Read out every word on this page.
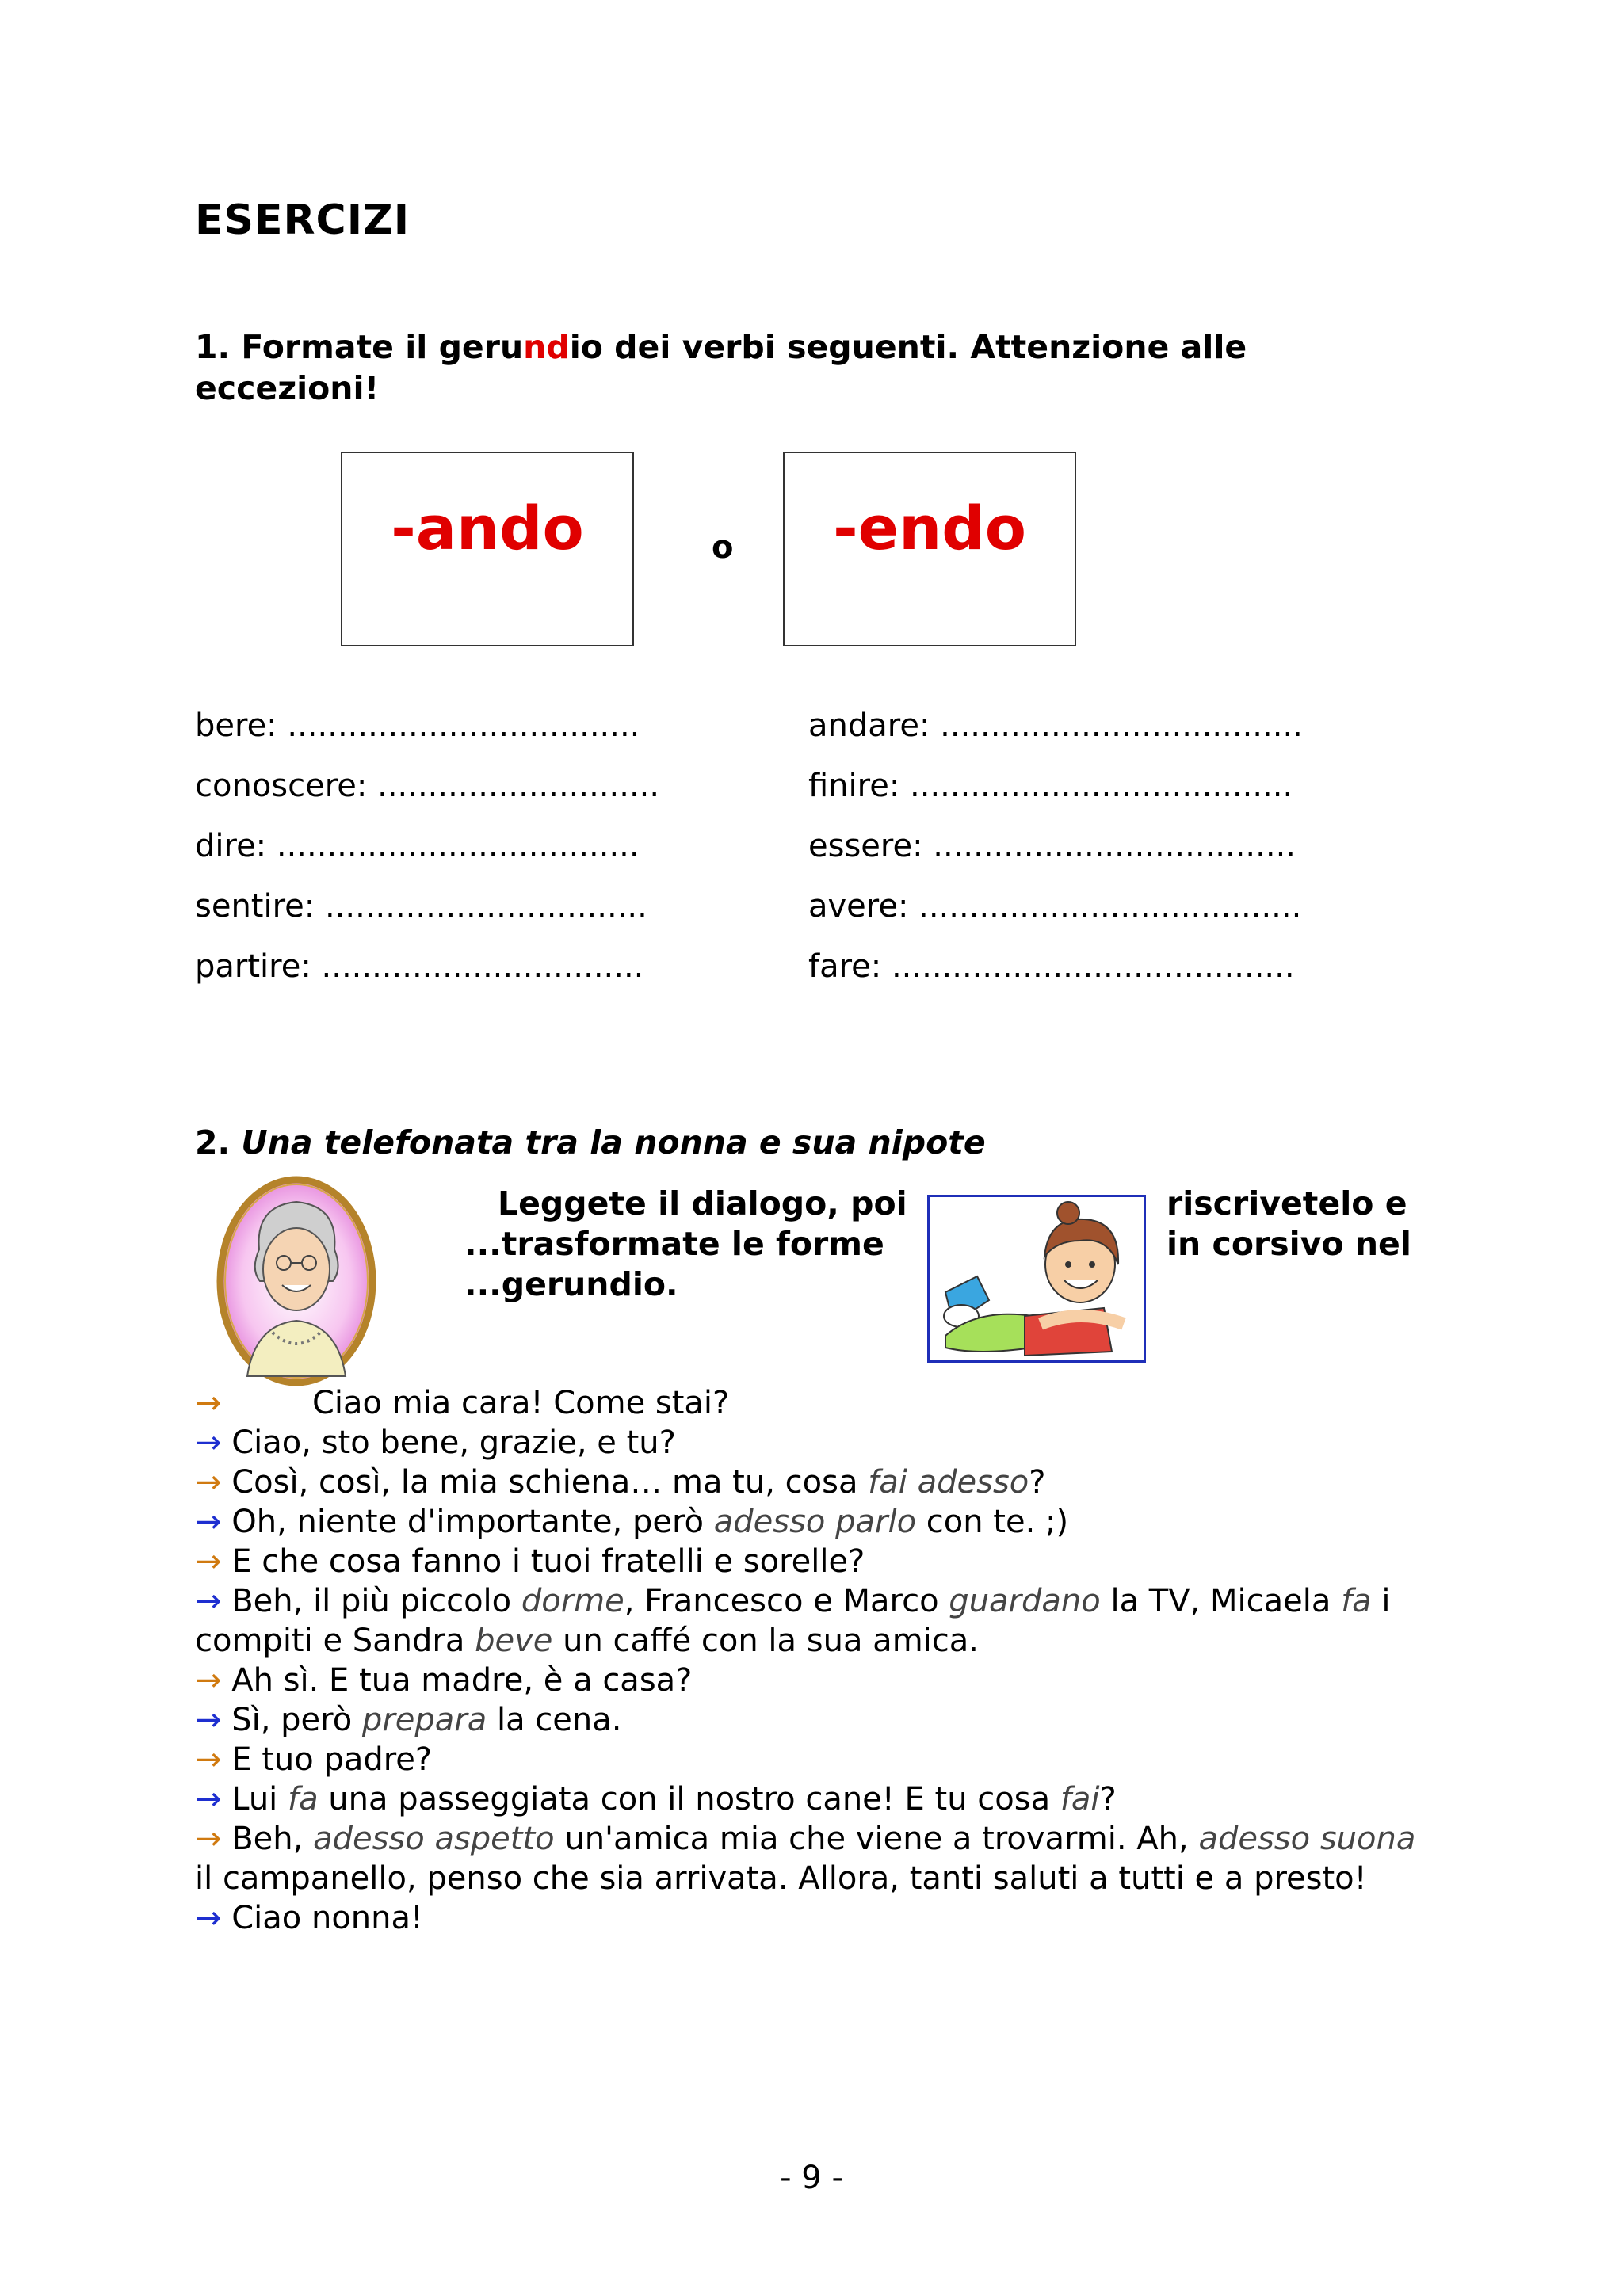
ESERCIZI
1. Formate il gerundio dei verbi seguenti. Attenzione alle eccezioni!
-ando	o	-endo
bere: ...................................
conoscere: ............................
dire: ....................................
sentire: ................................
partire: ................................
andare: ....................................
finire: ......................................
essere: ....................................
avere: ......................................
fare: ........................................
2. Una telefonata tra la nonna e sua nipote
Leggete il dialogo, poi
...trasformate le forme
...gerundio.
riscrivetelo e
in corsivo nel

→         Ciao mia cara! Come stai?

→ Ciao, sto bene, grazie, e tu?

→ Così, così, la mia schiena… ma tu, cosa fai adesso?

→ Oh, niente d'importante, però adesso parlo con te. ;)

→ E che cosa fanno i tuoi fratelli e sorelle?

→ Beh, il più piccolo dorme, Francesco e Marco guardano la TV, Micaela fa i compiti e Sandra beve un caffé con la sua amica.

→ Ah sì. E tua madre, è a casa?

→ Sì, però prepara la cena.

→ E tuo padre?

→ Lui fa una passeggiata con il nostro cane! E tu cosa fai?

→ Beh, adesso aspetto un'amica mia che viene a trovarmi. Ah, adesso suona il campanello, penso che sia arrivata. Allora, tanti saluti a tutti e a presto!

→ Ciao nonna!

- 9 -
